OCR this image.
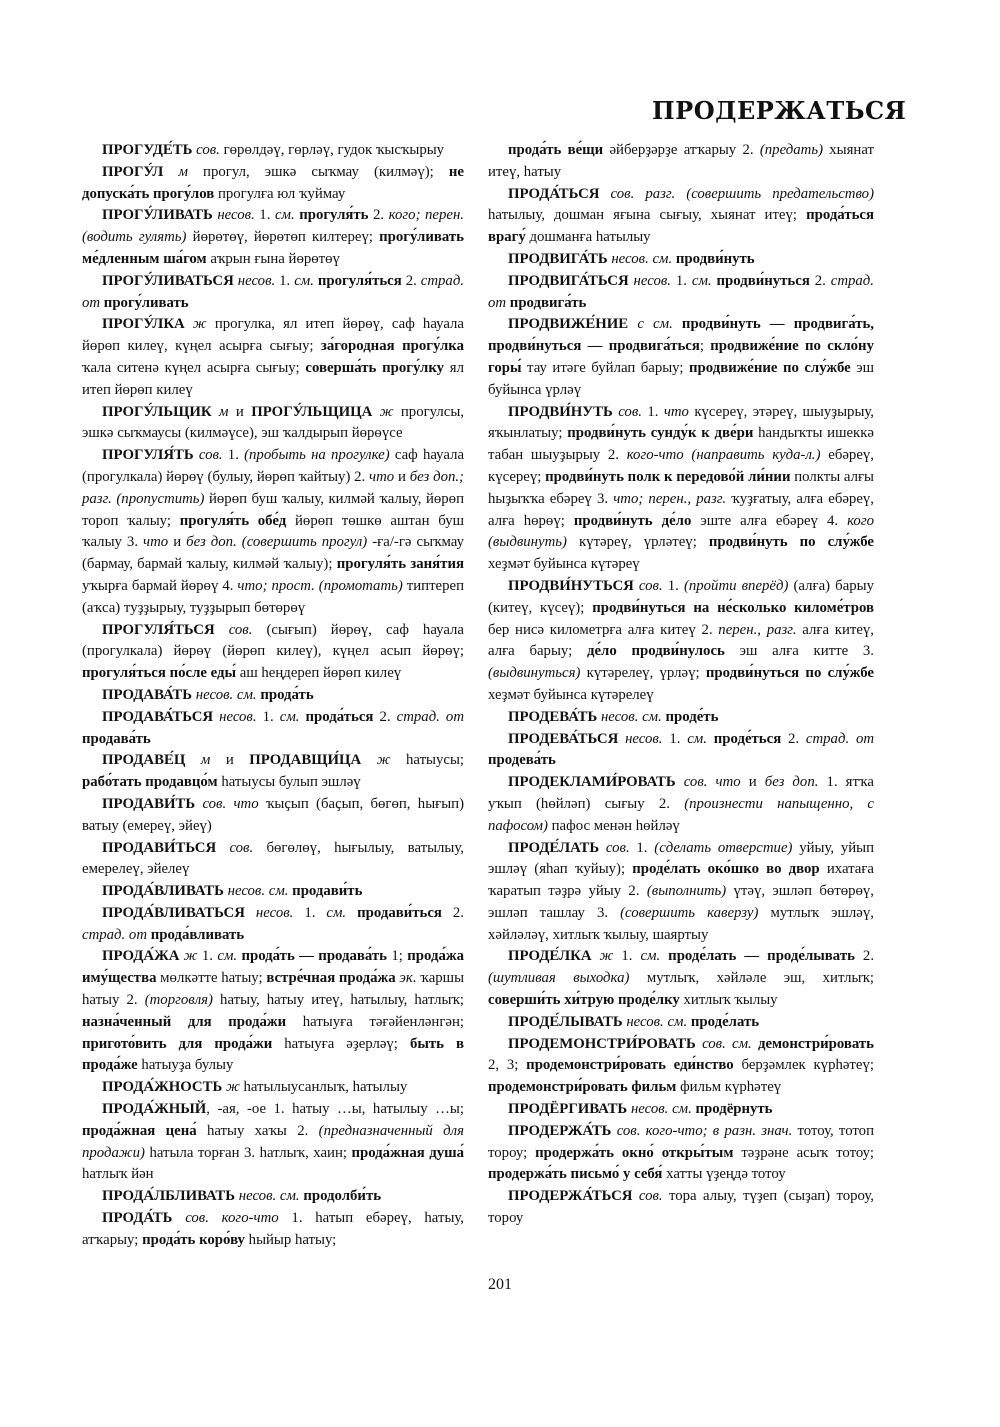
ПРОДЕРЖАТЬСЯ

ПРОГУДЕ́ТЬ сов. гөрөлдәү, гөрләү, гудок ҡысҡырыу

ПРОГУ́Л м прогул, эшкә сыҡмау (килмәү); не допуска́ть прогу́лов прогулға юл ҡуймау

ПРОГУ́ЛИВАТЬ несов. 1. см. прогуля́ть 2. кого; перен. (водить гулять) йөрөтөү, йөрөтөп килтереү; прогу́ливать ме́дленным ша́гом аҡрын ғына йөрөтөү

ПРОГУ́ЛИВАТЬСЯ несов. 1. см. прогуля́ться 2. страд. от прогу́ливать

ПРОГУ́ЛКА ж прогулка, ял итеп йөрөү, саф һауала йөрөп килеү, күңел асырға сығыу; за́городная прогу́лка ҡала ситенә күңел асырға сығыу; соверша́ть прогу́лку ял итеп йөрөп килеү

ПРОГУ́ЛЬЩИК м и ПРОГУ́ЛЬЩИЦА ж прогулсы, эшкә сыҡмаусы (килмәүсе), эш ҡалдырып йөрөүсе

ПРОГУЛЯ́ТЬ сов. 1. (пробыть на прогулке) саф һауала (прогулкала) йөрөү (булыу, йөрөп ҡайтыу) 2. что и без доп.; разг. (пропустить) йөрөп буш ҡалыу, килмәй ҡалыу, йөрөп тороп ҡалыу; прогуля́ть обе́д йөрөп төшкө аштан буш ҡалыу 3. что и без доп. (совершить прогул) -ға/-гә сыҡмау (бармау, бармай ҡалыу, килмәй ҡалыу); прогуля́ть заня́тия уҡырға бармай йөрөү 4. что; прост. (промотать) типтереп (аҡса) туҙҙырыу, туҙҙырып бөтөрөү

ПРОГУЛЯ́ТЬСЯ сов. (сығып) йөрөү, саф һауала (прогулкала) йөрөү (йөрөп килеү), күңел асып йөрөү; прогуля́ться по́сле еды́ аш һеңдереп йөрөп килеү

ПРОДАВА́ТЬ несов. см. прода́ть

ПРОДАВА́ТЬСЯ несов. 1. см. прода́ться 2. страд. от продава́ть

ПРОДАВЕ́Ц м и ПРОДАВЩИ́ЦА ж һатыусы; рабо́тать продавцо́м һатыусы булып эшләү

ПРОДАВИ́ТЬ сов. что ҡыҫып (баҫып, бөгөп, һығып) ватыу (емереү, эйеү)

ПРОДАВИ́ТЬСЯ сов. бөгөлөү, һығылыу, ватылыу, емерелеү, эйелеү

ПРОДА́ВЛИВАТЬ несов. см. продави́ть

ПРОДА́ВЛИВАТЬСЯ несов. 1. см. продави́ться 2. страд. от прода́вливать

ПРОДА́ЖА ж 1. см. прода́ть — продава́ть 1; прода́жа иму́щества мөлкәтте һатыу; встре́чная прода́жа эк. ҡаршы һатыу 2. (торговля) һатыу, һатыу итеү, һатылыу, һатлыҡ; назна́ченный для прода́жи һатыуға тәғәйенләнгән; пригото́вить для прода́жи һатыуға әҙерләү; быть в прода́же һатыуҙа булыу

ПРОДА́ЖНОСТЬ ж һатылыусанлыҡ, һатылыу

ПРОДА́ЖНЫЙ, -ая, -ое 1. һатыу …ы, һатылыу …ы; прода́жная цена́ һатыу хаҡы 2. (предназначенный для продажи) һатыла торған 3. һатлыҡ, хаин; прода́жная душа́ һатлыҡ йән

ПРОДА́ЛБЛИВАТЬ несов. см. продолби́ть

ПРОДА́ТЬ сов. кого-что 1. һатып ебәреү, һатыу, атҡарыу; прода́ть коро́ву һыйыр һатыу;

прода́ть ве́щи әйберҙәрҙе атҡарыу 2. (предать) хыянат итеү, һатыу

ПРОДА́ТЬСЯ сов. разг. (совершить предательство) һатылыу, дошман яғына сығыу, хыянат итеү; прода́ться врагу́ дошманға һатылыу

ПРОДВИГА́ТЬ несов. см. продви́нуть

ПРОДВИГА́ТЬСЯ несов. 1. см. продви́нуться 2. страд. от продвига́ть

ПРОДВИЖЕ́НИЕ с см. продви́нуть — продвига́ть, продви́нуться — продвига́ться; продвиже́ние по скло́ну горы́ тау итәге буйлап барыу; продвиже́ние по слу́жбе эш буйынса үрләү

ПРОДВИ́НУТЬ сов. 1. что күсереү, этәреү, шыуҙырыу, яҡынлатыу; продви́нуть сунду́к к две́ри һандыҡты ишеккә табан шыуҙырыу 2. кого-что (направить куда-л.) ебәреү, күсереү; продви́нуть полк к передово́й ли́нии полкты алғы һыҙыҡҡа ебәреү 3. что; перен., разг. ҡуҙғатыу, алға ебәреү, алға һөрөү; продви́нуть де́ло эште алға ебәреү 4. кого (выдвинуть) күтәреү, үрләтеү; продви́нуть по слу́жбе хеҙмәт буйынса күтәреү

ПРОДВИ́НУТЬСЯ сов. 1. (пройти вперёд) (алға) барыу (китеү, күсеү); продви́нуться на не́сколько киломе́тров бер нисә километрға алға китеү 2. перен., разг. алға китеү, алға барыу; де́ло продви́нулось эш алға китте 3. (выдвинуться) күтәрелеү, үрләү; продви́нуться по слу́жбе хеҙмәт буйынса күтәрелеү

ПРОДЕВА́ТЬ несов. см. проде́ть

ПРОДЕВА́ТЬСЯ несов. 1. см. проде́ться 2. страд. от продева́ть

ПРОДЕКЛАМИ́РОВАТЬ сов. что и без доп. 1. ятҡа уҡып (һөйләп) сығыу 2. (произнести напыщенно, с пафосом) пафос менән һөйләү

ПРОДЕ́ЛАТЬ сов. 1. (сделать отверстие) уйыу, уйып эшләү (яһап ҡуйыу); проде́лать око́шко во двор ихатаға ҡаратып тәҙрә уйыу 2. (выполнить) үтәү, эшләп бөтөрөү, эшләп ташлау 3. (совершить каверзу) мутлыҡ эшләү, хәйләләү, хитлыҡ ҡылыу, шаяртыу

ПРОДЕ́ЛКА ж 1. см. проде́лать — проде́лывать 2. (шутливая выходка) мутлыҡ, хәйләле эш, хитлыҡ; соверши́ть хи́трую проде́лку хитлыҡ ҡылыу

ПРОДЕ́ЛЫВАТЬ несов. см. проде́лать

ПРОДЕМОНСТРИ́РОВАТЬ сов. см. демонстри́ровать 2, 3; продемонстри́ровать еди́нство берҙәмлек күрһәтеү; продемонстри́ровать фильм фильм күрһәтеү

ПРОДЁРГИВАТЬ несов. см. продёрнуть

ПРОДЕРЖА́ТЬ сов. кого-что; в разн. знач. тотоу, тотоп тороу; продержа́ть окно́ откры́тым тәҙрәне асыҡ тотоу; продержа́ть письмо́ у себя́ хатты үҙеңдә тотоу

ПРОДЕРЖА́ТЬСЯ сов. тора алыу, түҙеп (сыҙап) тороу, тороу

201
